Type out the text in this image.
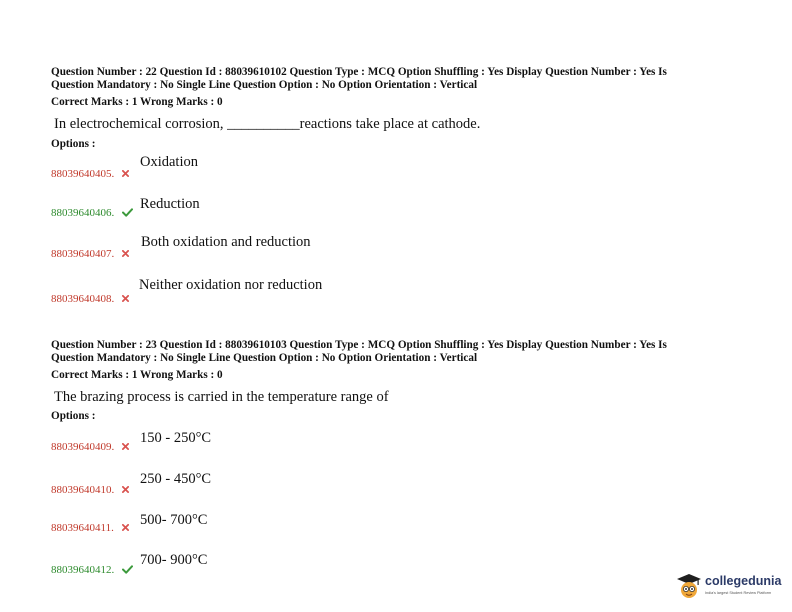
Question Number : 22 Question Id : 88039610102 Question Type : MCQ Option Shuffling : Yes Display Question Number : Yes Is
Question Mandatory : No Single Line Question Option : No Option Orientation : Vertical
Correct Marks : 1 Wrong Marks : 0
In electrochemical corrosion, __________reactions take place at cathode.
Options :
88039640405.
Oxidation
88039640406.
Reduction
88039640407.
Both oxidation and reduction
88039640408.
Neither oxidation nor reduction
Question Number : 23 Question Id : 88039610103 Question Type : MCQ Option Shuffling : Yes Display Question Number : Yes Is
Question Mandatory : No Single Line Question Option : No Option Orientation : Vertical
Correct Marks : 1 Wrong Marks : 0
The brazing process is carried in the temperature range of
Options :
88039640409.
150 - 250°C
88039640410.
250 - 450°C
88039640411.	500- 700°C
88039640412.
700- 900°C
collegedunia
India's largest Student Review Platform
